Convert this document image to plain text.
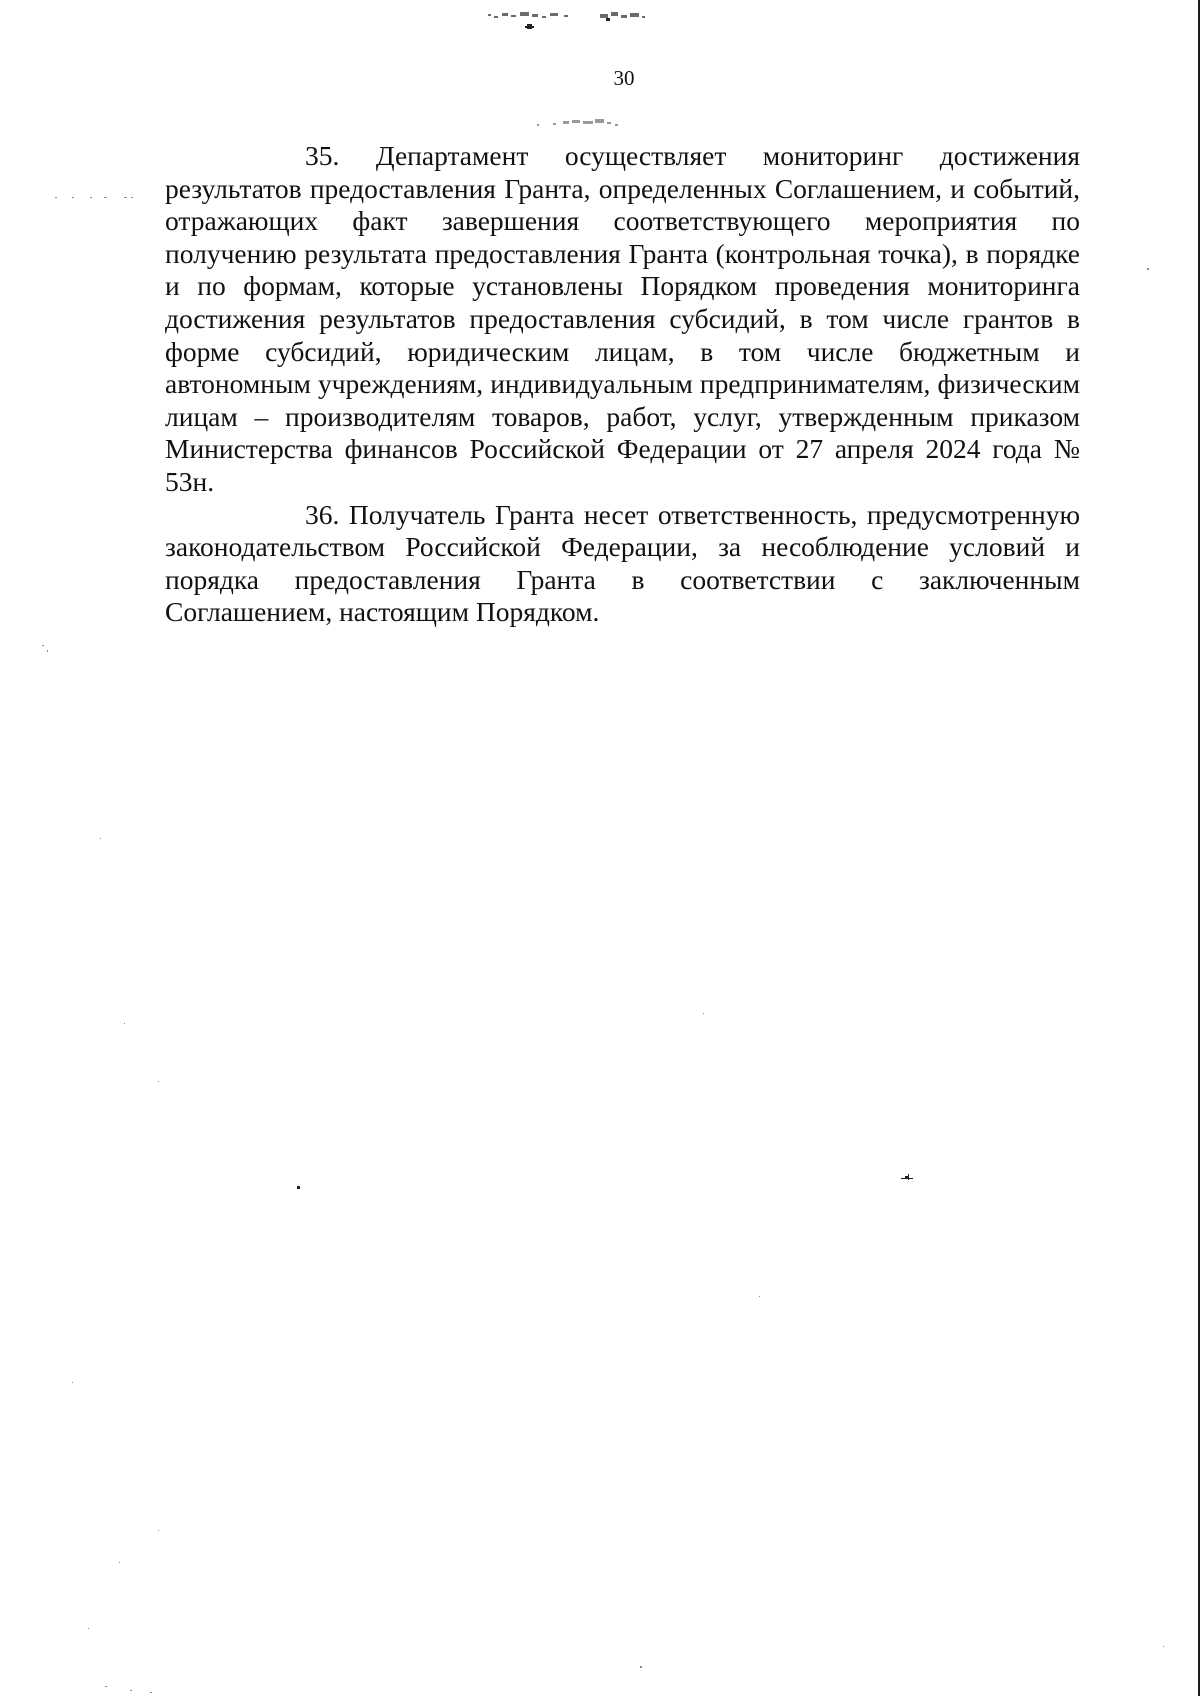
30

35. Департамент осуществляет мониторинг достижения результатов предоставления Гранта, определенных Соглашением, и событий, отражающих факт завершения соответствующего мероприятия по получению результата предоставления Гранта (контрольная точка), в порядке и по формам, которые установлены Порядком проведения мониторинга достижения результатов предоставления субсидий, в том числе грантов в форме субсидий, юридическим лицам, в том числе бюджетным и автономным учреждениям, индивидуальным предпринимателям, физическим лицам – производителям товаров, работ, услуг, утвержденным приказом Министерства финансов Российской Федерации от 27 апреля 2024 года № 53н.

36. Получатель Гранта несет ответственность, предусмотренную законодательством Российской Федерации, за несоблюдение условий и порядка предоставления Гранта в соответствии с заключенным Соглашением, настоящим Порядком.
